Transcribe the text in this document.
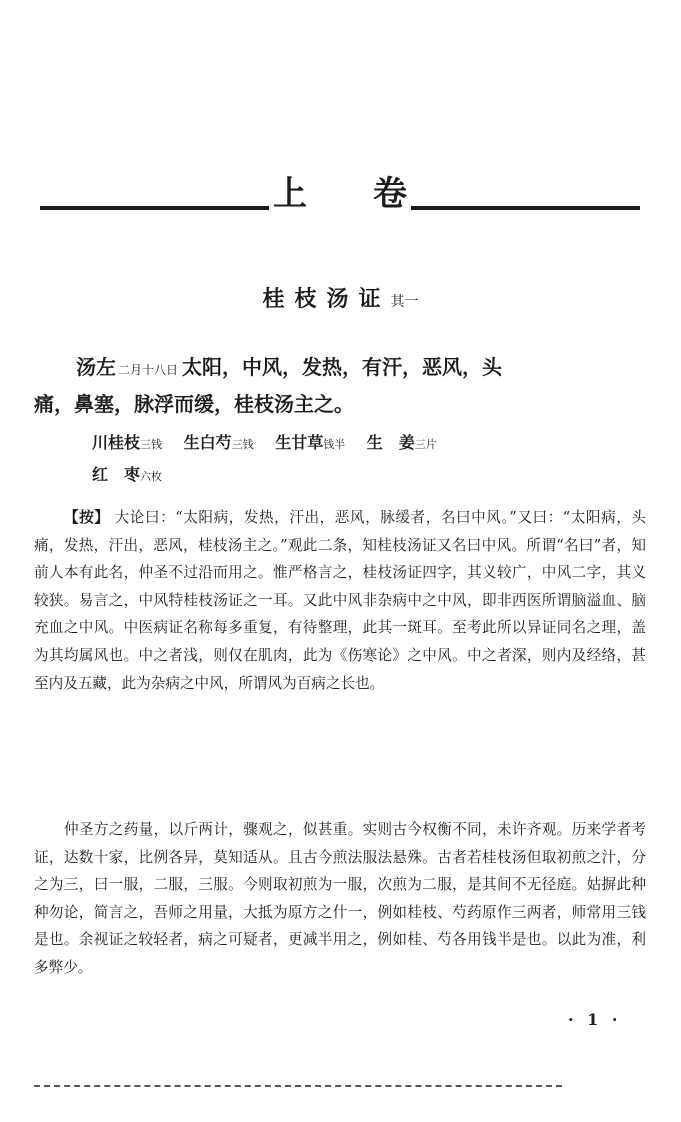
上 卷
桂枝汤证其一
汤左 二月十八日 太阳，中风，发热，有汗，恶风，头
痛，鼻塞，脉浮而缓，桂枝汤主之。
川桂枝三钱 生白芍三钱 生甘草钱半 生　姜三片
红　枣六枚

【按】 大论曰：“太阳病，发热，汗出，恶风，脉缓者，名曰中风。”又曰：“太阳病，头痛，发热，汗出，恶风，桂枝汤主之。”观此二条，知桂枝汤证又名曰中风。所谓“名曰”者，知前人本有此名，仲圣不过沿而用之。惟严格言之，桂枝汤证四字，其义较广，中风二字，其义较狭。易言之，中风特桂枝汤证之一耳。又此中风非杂病中之中风，即非西医所谓脑溢血、脑充血之中风。中医病证名称每多重复，有待整理，此其一斑耳。至考此所以异证同名之理，盖为其均属风也。中之者浅，则仅在肌肉，此为《伤寒论》之中风。中之者深，则内及经络，甚至内及五藏，此为杂病之中风，所谓风为百病之长也。

仲圣方之药量，以斤两计，骤观之，似甚重。实则古今权衡不同，未许齐观。历来学者考证，达数十家，比例各异，莫知适从。且古今煎法服法悬殊。古者若桂枝汤但取初煎之汁，分之为三，曰一服，二服，三服。今则取初煎为一服，次煎为二服，是其间不无径庭。姑摒此种种勿论，简言之，吾师之用量，大抵为原方之什一，例如桂枝、芍药原作三两者，师常用三钱是也。余视证之较轻者，病之可疑者，更减半用之，例如桂、芍各用钱半是也。以此为准，利多弊少。

· 1 ·
